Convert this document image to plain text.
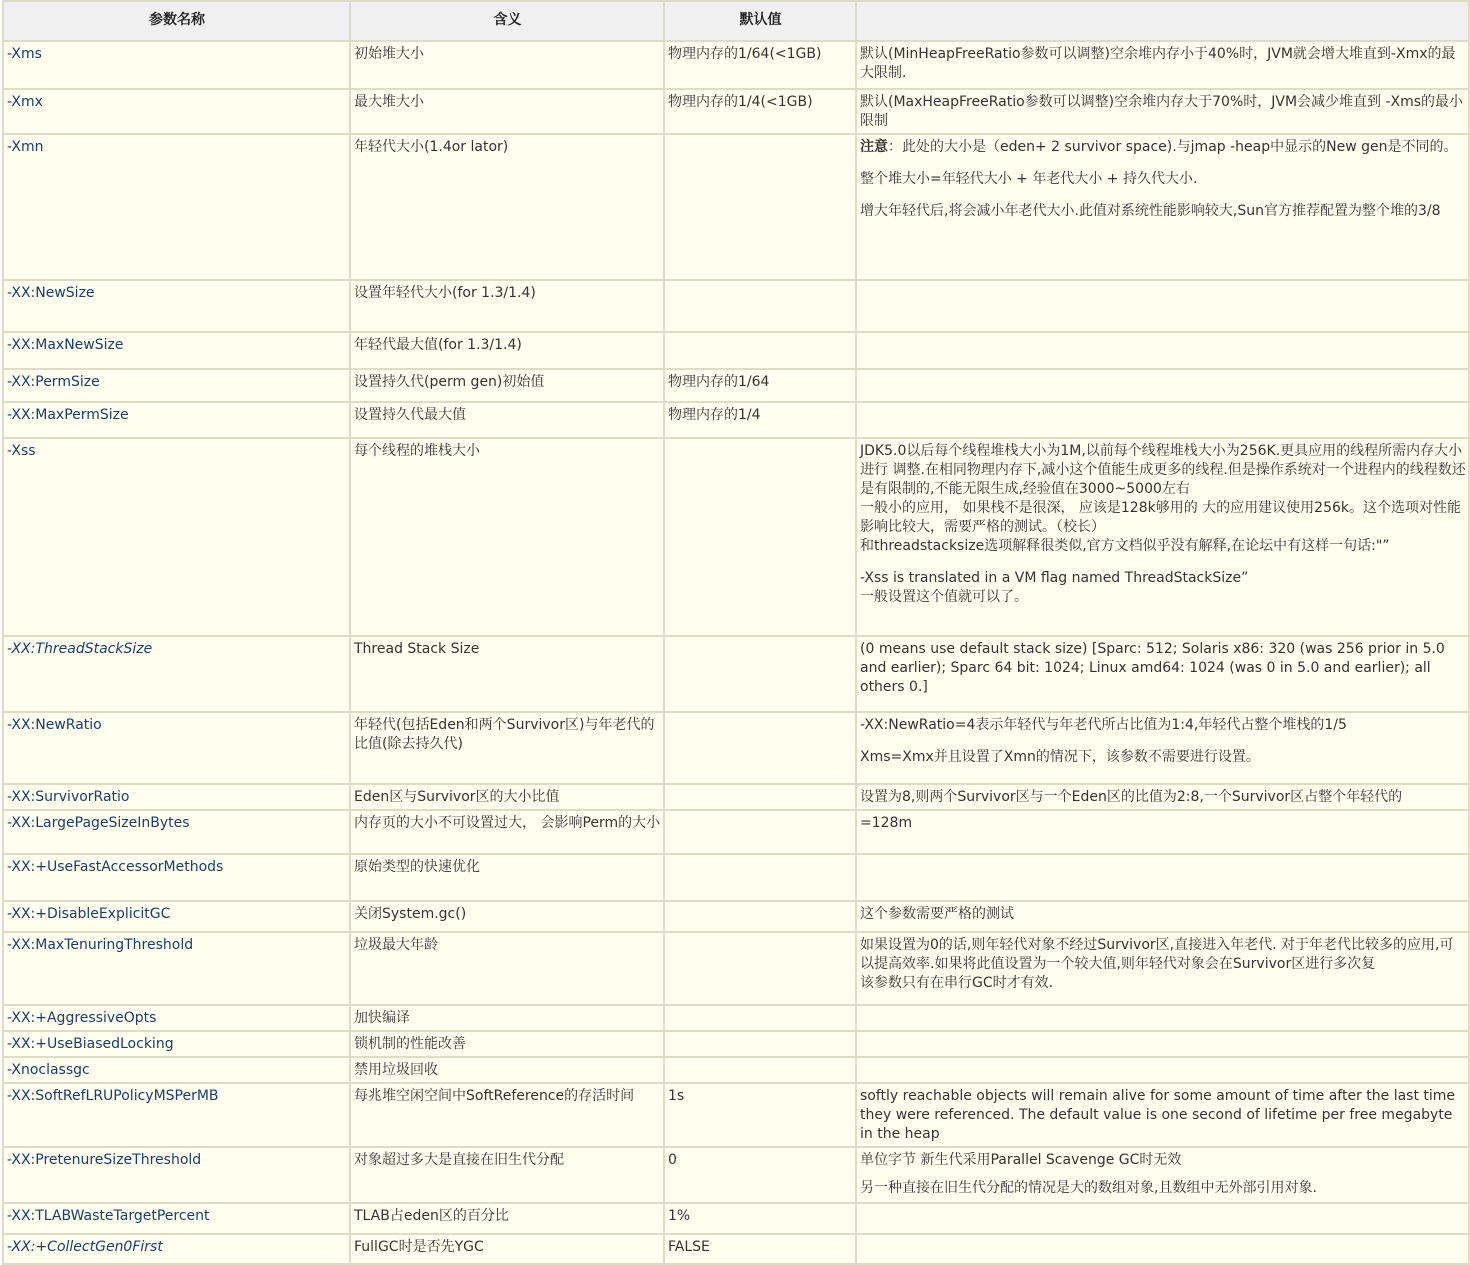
参数名称	含义	默认值	
-Xms	初始堆大小	物理内存的1/64(<1GB)	默认(MinHeapFreeRatio参数可以调整)空余堆内存小于40%时，JVM就会增大堆直到-Xmx的最大限制.

-Xmx	最大堆大小	物理内存的1/4(<1GB)	默认(MaxHeapFreeRatio参数可以调整)空余堆内存大于70%时，JVM会减少堆直到 -Xms的最小限制

-Xmn	年轻代大小(1.4or lator)		注意：此处的大小是（eden+ 2 survivor space).与jmap -heap中显示的New gen是不同的。
整个堆大小=年轻代大小 + 年老代大小 + 持久代大小.
增大年轻代后,将会减小年老代大小.此值对系统性能影响较大,Sun官方推荐配置为整个堆的3/8

-XX:NewSize	设置年轻代大小(for 1.3/1.4)		
-XX:MaxNewSize	年轻代最大值(for 1.3/1.4)		
-XX:PermSize	设置持久代(perm gen)初始值	物理内存的1/64	
-XX:MaxPermSize	设置持久代最大值	物理内存的1/4	
-Xss	每个线程的堆栈大小		JDK5.0以后每个线程堆栈大小为1M,以前每个线程堆栈大小为256K.更具应用的线程所需内存大小进行 调整.在相同物理内存下,减小这个值能生成更多的线程.但是操作系统对一个进程内的线程数还是有限制的,不能无限生成,经验值在3000~5000左右
一般小的应用， 如果栈不是很深， 应该是128k够用的 大的应用建议使用256k。这个选项对性能影响比较大，需要严格的测试。（校长）
和threadstacksize选项解释很类似,官方文档似乎没有解释,在论坛中有这样一句话:"”
-Xss is translated in a VM flag named ThreadStackSize”
一般设置这个值就可以了。

-XX:ThreadStackSize	Thread Stack Size		(0 means use default stack size) [Sparc: 512; Solaris x86: 320 (was 256 prior in 5.0 and earlier); Sparc 64 bit: 1024; Linux amd64: 1024 (was 0 in 5.0 and earlier); all others 0.]

-XX:NewRatio	年轻代(包括Eden和两个Survivor区)与年老代的比值(除去持久代)		-XX:NewRatio=4表示年轻代与年老代所占比值为1:4,年轻代占整个堆栈的1/5
Xms=Xmx并且设置了Xmn的情况下，该参数不需要进行设置。

-XX:SurvivorRatio	Eden区与Survivor区的大小比值		设置为8,则两个Survivor区与一个Eden区的比值为2:8,一个Survivor区占整个年轻代的

-XX:LargePageSizeInBytes	内存页的大小不可设置过大， 会影响Perm的大小		=128m

-XX:+UseFastAccessorMethods	原始类型的快速优化		
-XX:+DisableExplicitGC	关闭System.gc()		这个参数需要严格的测试

-XX:MaxTenuringThreshold	垃圾最大年龄		如果设置为0的话,则年轻代对象不经过Survivor区,直接进入年老代. 对于年老代比较多的应用,可以提高效率.如果将此值设置为一个较大值,则年轻代对象会在Survivor区进行多次复
该参数只有在串行GC时才有效.

-XX:+AggressiveOpts	加快编译		
-XX:+UseBiasedLocking	锁机制的性能改善		
-Xnoclassgc	禁用垃圾回收		
-XX:SoftRefLRUPolicyMSPerMB	每兆堆空闲空间中SoftReference的存活时间	1s	softly reachable objects will remain alive for some amount of time after the last time they were referenced. The default value is one second of lifetime per free megabyte in the heap

-XX:PretenureSizeThreshold	对象超过多大是直接在旧生代分配	0	单位字节 新生代采用Parallel Scavenge GC时无效
另一种直接在旧生代分配的情况是大的数组对象,且数组中无外部引用对象.

-XX:TLABWasteTargetPercent	TLAB占eden区的百分比	1%	
-XX:+CollectGen0First	FullGC时是否先YGC	FALSE	
